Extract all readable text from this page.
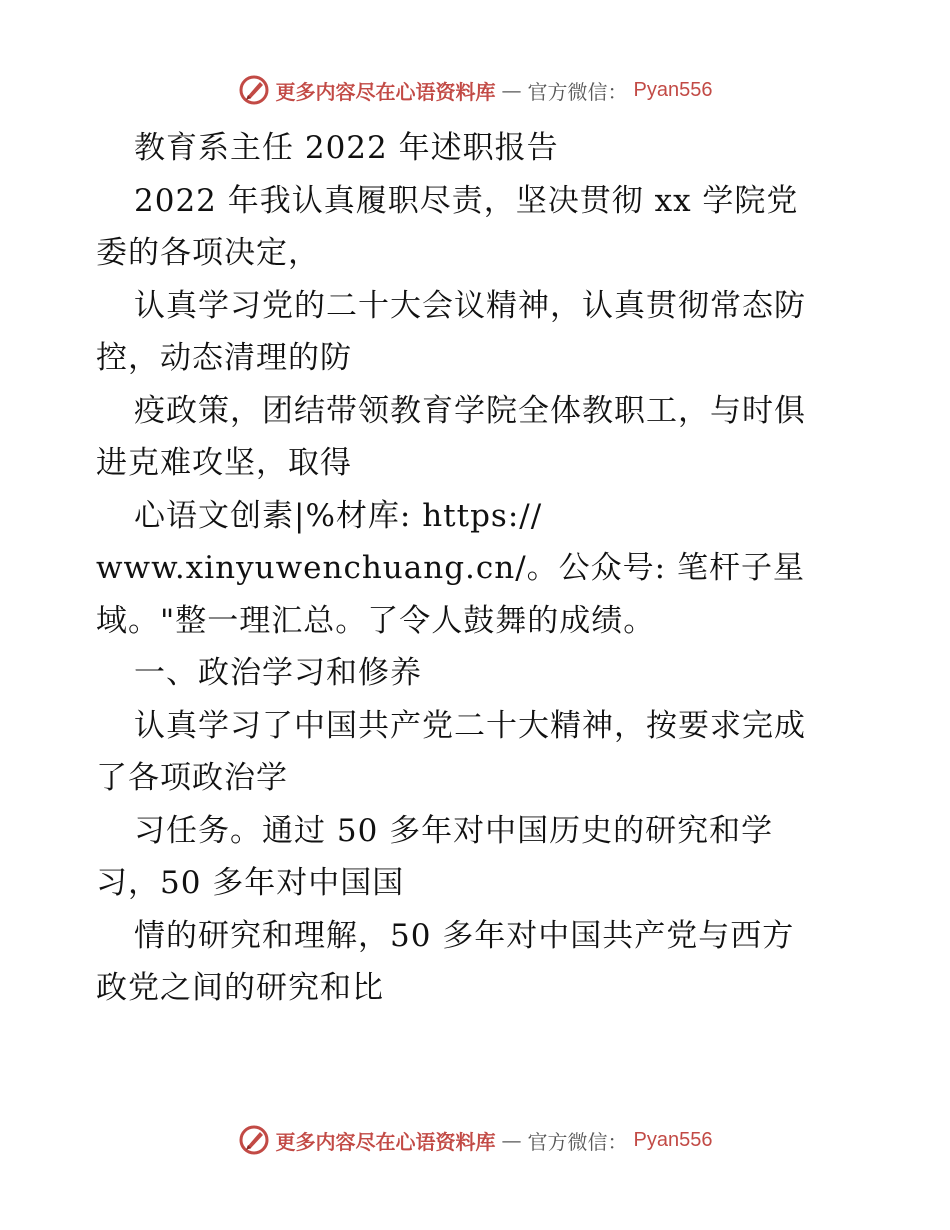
更多内容尽在心语资料库 — 官方微信： Pyan556
教育系主任 2022 年述职报告
2022 年我认真履职尽责，坚决贯彻 xx 学院党
委的各项决定，
认真学习党的二十大会议精神，认真贯彻常态防
控，动态清理的防
疫政策，团结带领教育学院全体教职工，与时俱
进克难攻坚，取得
心语文创素|%材库: https://
www.xinyuwenchuang.cn/。公众号: 笔杆子星
域。"整一理汇总。了令人鼓舞的成绩。
一、政治学习和修养
认真学习了中国共产党二十大精神，按要求完成
了各项政治学
习任务。通过 50 多年对中国历史的研究和学
习，50 多年对中国国
情的研究和理解，50 多年对中国共产党与西方
政党之间的研究和比
更多内容尽在心语资料库 — 官方微信： Pyan556
